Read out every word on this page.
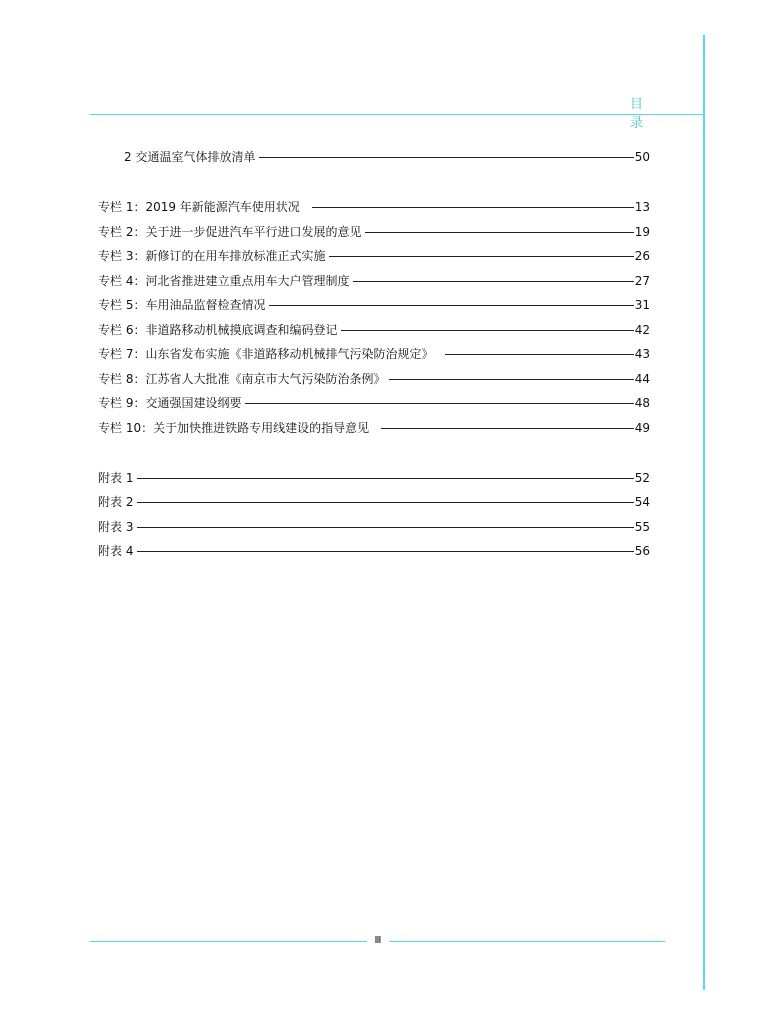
目 录
2 交通温室气体排放清单	50
专栏 1：2019 年新能源汽车使用状况	13
专栏 2：关于进一步促进汽车平行进口发展的意见	19
专栏 3：新修订的在用车排放标准正式实施	26
专栏 4：河北省推进建立重点用车大户管理制度	27
专栏 5：车用油品监督检查情况	31
专栏 6：非道路移动机械摸底调查和编码登记	42
专栏 7：山东省发布实施《非道路移动机械排气污染防治规定》	43
专栏 8：江苏省人大批准《南京市大气污染防治条例》	44
专栏 9：交通强国建设纲要	48
专栏 10：关于加快推进铁路专用线建设的指导意见	49
附表 1	52
附表 2	54
附表 3	55
附表 4	56
Ⅲ
